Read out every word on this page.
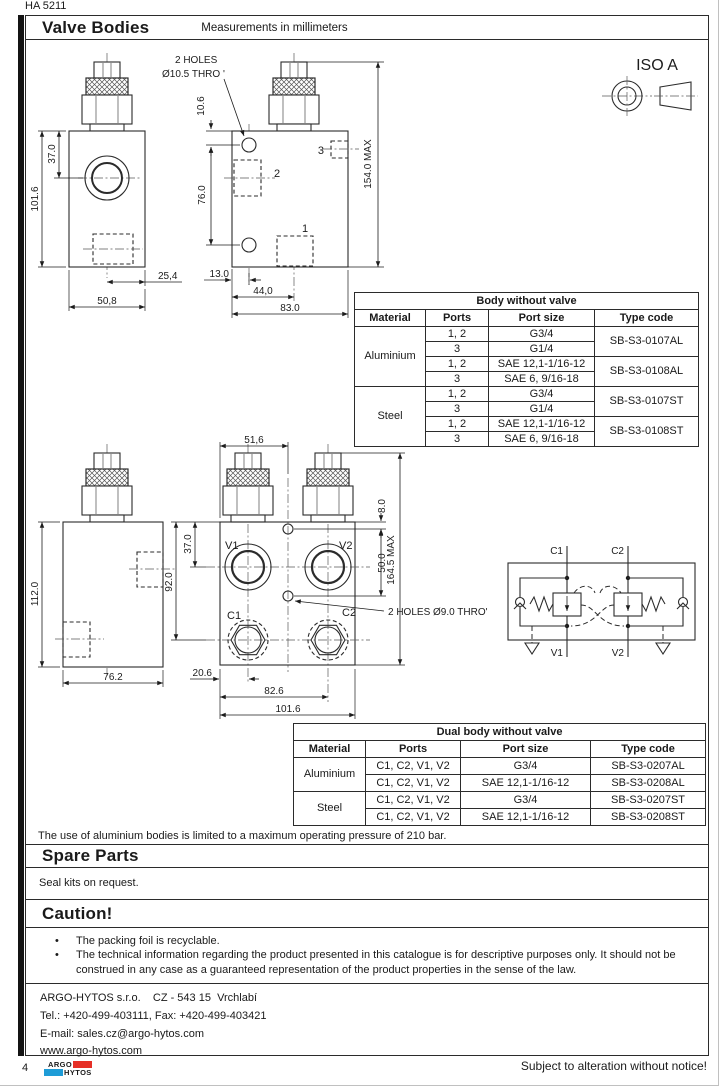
HA 5211
Valve Bodies	Measurements in millimeters
ISO A
101.6
37.0
25,4
50,8
3
2
1
2 HOLES
Ø10.5 THRO '
10.6
76.0
154.0 MAX
13.0
44,0
83.0
Body without valve			
Material	Ports	Port size	Type code
Aluminium	1, 2	G3/4	SB-S3-0107AL
	3	G1/4	
	1, 2	SAE 12,1-1/16-12	SB-S3-0108AL
	3	SAE 6, 9/16-18	
Steel	1, 2	G3/4	SB-S3-0107ST
	3	G1/4	
	1, 2	SAE 12,1-1/16-12	SB-S3-0108ST
	3	SAE 6, 9/16-18	
112.0
76.2
V1	V2
C1	C2
51,6
8.0
50.0
164.5 MAX
37.0
92.0
20.6
82.6
101.6
2 HOLES Ø9.0 THRO'
C1	C2
V1	V2
Dual body without valve			
Material	Ports	Port size	Type code
Aluminium	C1, C2, V1, V2	G3/4	SB-S3-0207AL
	C1, C2, V1, V2	SAE 12,1-1/16-12	SB-S3-0208AL
Steel	C1, C2, V1, V2	G3/4	SB-S3-0207ST
	C1, C2, V1, V2	SAE 12,1-1/16-12	SB-S3-0208ST
The use of aluminium bodies is limited to a maximum operating pressure of 210 bar.
Spare Parts
Seal kits on request.
Caution!
• The packing foil is recyclable.
• The technical information regarding the product presented in this catalogue is for descriptive purposes only. It should not be construed in any case as a guaranteed representation of the product properties in the sense of the law.
ARGO-HYTOS s.r.o.    CZ - 543 15  Vrchlabí
Tel.: +420-499-403111, Fax: +420-499-403421
E-mail: sales.cz@argo-hytos.com
www.argo-hytos.com
4	ARGO
HYTOS	Subject to alteration without notice!
